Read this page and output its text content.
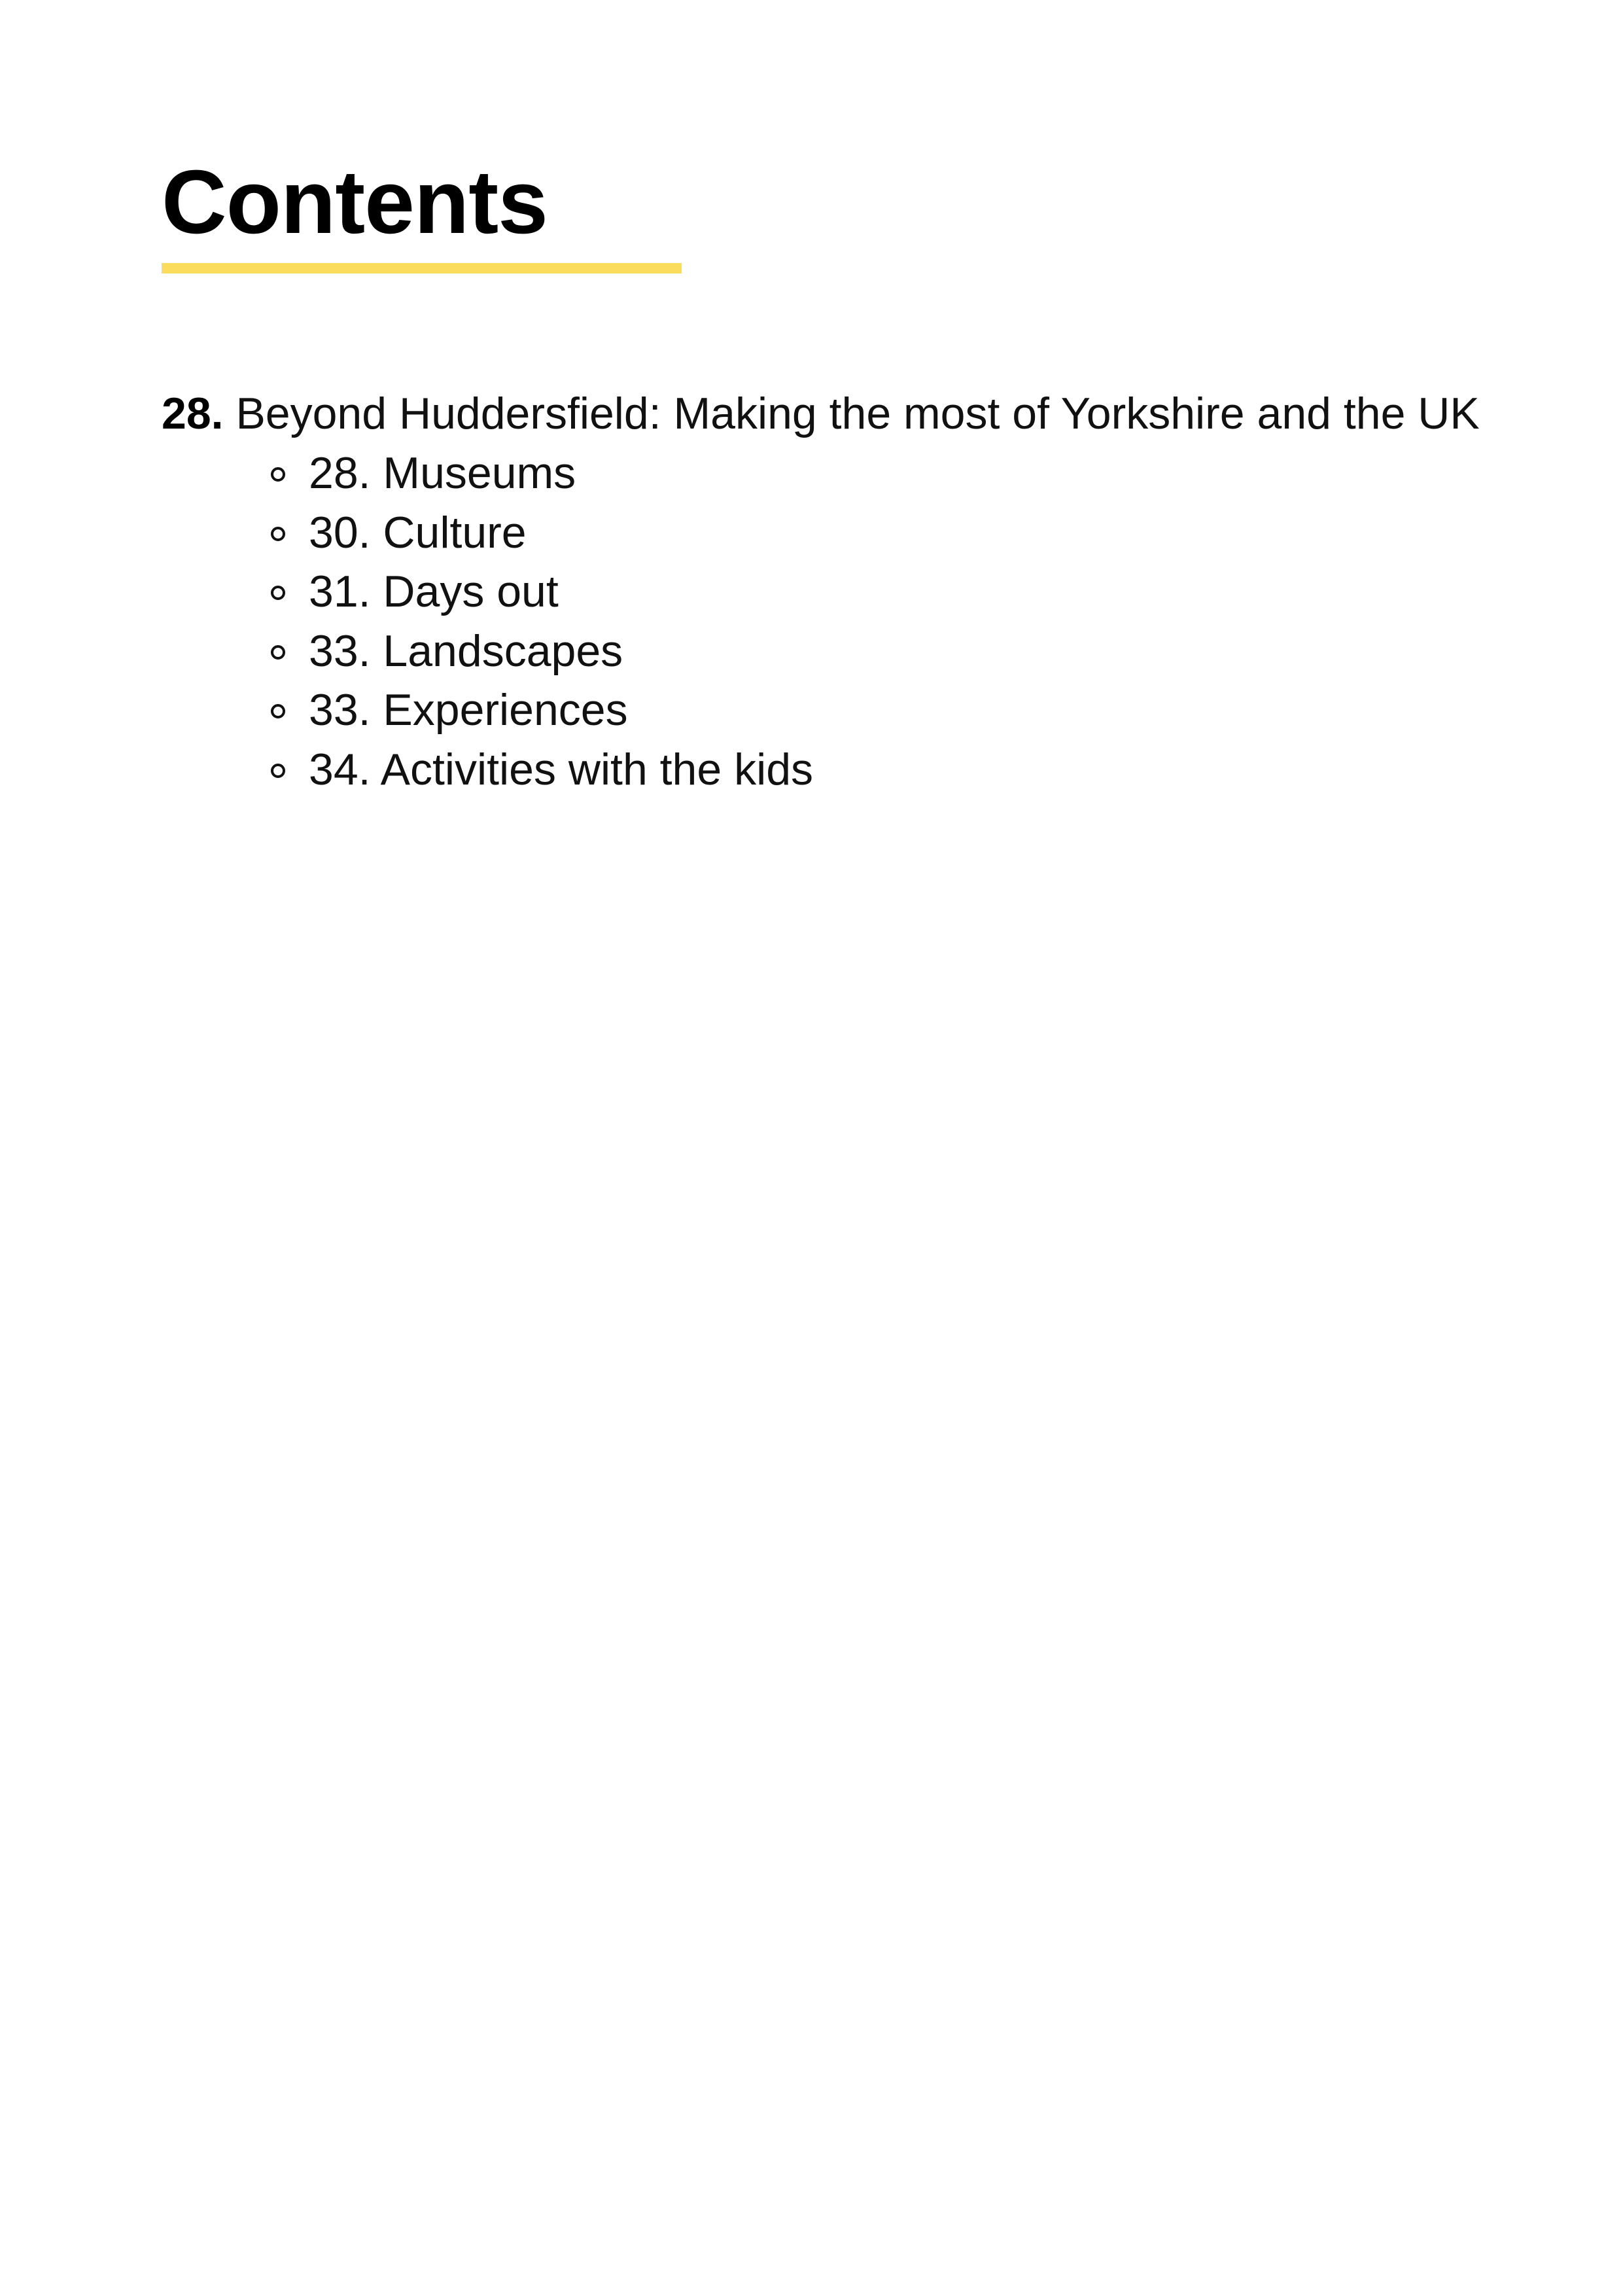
Contents

28. Beyond Huddersfield: Making the most of Yorkshire and the UK

28. Museums
30. Culture
31. Days out
33. Landscapes
33. Experiences
34. Activities with the kids
